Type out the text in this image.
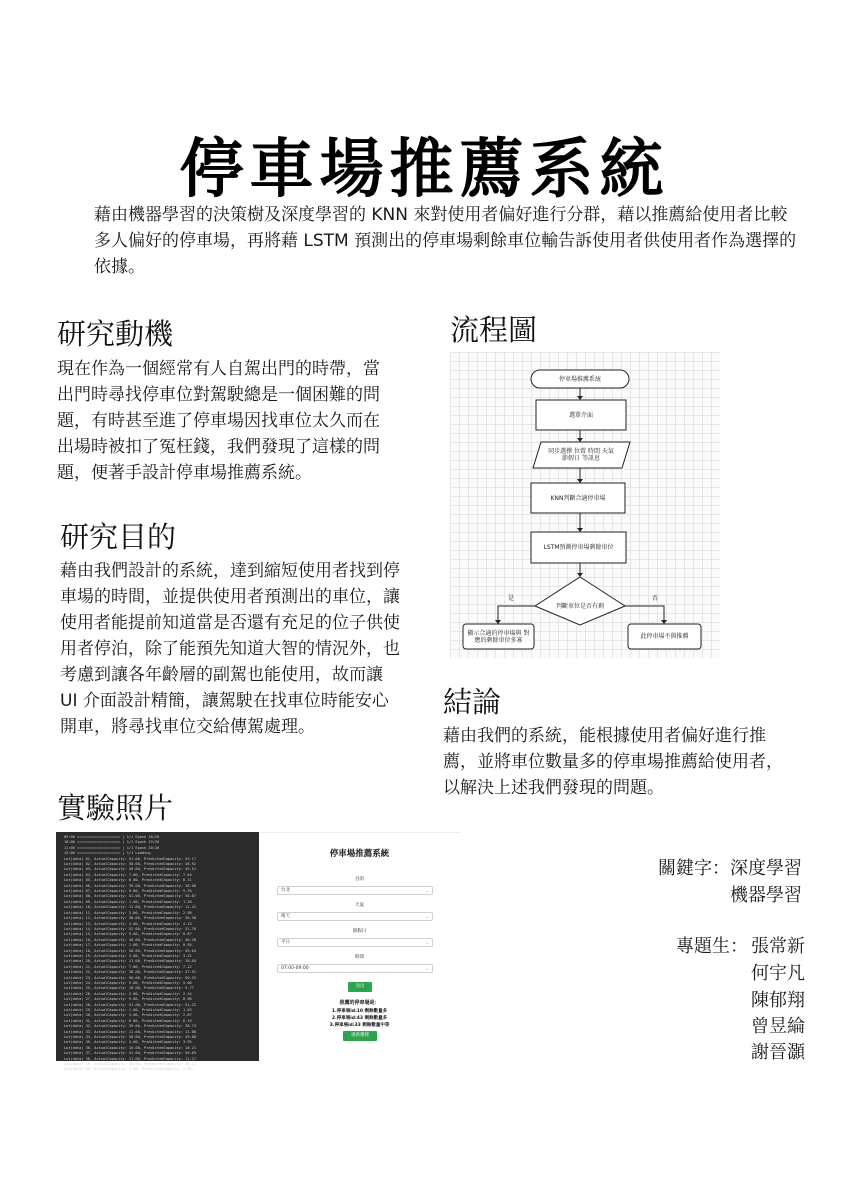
停車場推薦系統
藉由機器學習的決策樹及深度學習的 KNN 來對使用者偏好進行分群，藉以推薦給使用者比較多人偏好的停車場，再將藉 LSTM 預測出的停車場剩餘車位輸告訴使用者供使用者作為選擇的依據。
研究動機
現在作為一個經常有人自駕出門的時帶，當出門時尋找停車位對駕駛總是一個困難的問題，有時甚至進了停車場因找車位太久而在出場時被扣了冤枉錢，我們發現了這樣的問題，便著手設計停車場推薦系統。
研究目的
藉由我們設計的系統，達到縮短使用者找到停車場的時間，並提供使用者預測出的車位，讓使用者能提前知道當是否還有充足的位子供使用者停泊，除了能預先知道大智的情況外，也考慮到讓各年齡層的副駕也能使用，故而讓 UI 介面設計精簡，讓駕駛在找車位時能安心開車，將尋找車位交給傳駕處理。
實驗照片
流程圖
停車場推薦系統
選單介面
同步選擇 位置 時間 天氣 節假日 等訊息
KNN判斷合適停車場
LSTM預測停車場剩餘車位
判斷車位是否有剩
是	否
顯示合適的停車場與 對應的剩餘車位多寡	此停車場不與推薦
結論
藉由我們的系統，能根據使用者偏好進行推薦，並將車位數量多的停車場推薦給使用者，以解決上述我們發現的問題。
09:00 ==================== | 1/1 Epoch 18/20
10:00 ==================== | 1/1 Epoch 19/20
11:00 ==================== | 1/1 Epoch 20/20
12:00 ==================== | 1/1 Loading
Lot(data) 01, ActualCapacity: 51.00, PredictedCapacity: 53.17
Lot(data) 02, ActualCapacity: 50.00, PredictedCapacity: 48.92
Lot(data) 03, ActualCapacity: 50.00, PredictedCapacity: 49.51
Lot(data) 04, ActualCapacity: 7.00, PredictedCapacity: 7.04
Lot(data) 05, ActualCapacity: 6.00, PredictedCapacity: 6.11
Lot(data) 06, ActualCapacity: 39.00, PredictedCapacity: 38.66
Lot(data) 07, ActualCapacity: 9.00, PredictedCapacity: 9.35
Lot(data) 08, ActualCapacity: 51.00, PredictedCapacity: 50.87
Lot(data) 09, ActualCapacity: 1.00, PredictedCapacity: 1.20
Lot(data) 10, ActualCapacity: 11.00, PredictedCapacity: 11.42
Lot(data) 11, ActualCapacity: 3.00, PredictedCapacity: 2.98
Lot(data) 12, ActualCapacity: 38.00, PredictedCapacity: 38.30
Lot(data) 13, ActualCapacity: 4.00, PredictedCapacity: 4.13
Lot(data) 14, ActualCapacity: 52.00, PredictedCapacity: 51.76
Lot(data) 15, ActualCapacity: 9.00, PredictedCapacity: 8.87
Lot(data) 16, ActualCapacity: 40.00, PredictedCapacity: 40.28
Lot(data) 17, ActualCapacity: 1.00, PredictedCapacity: 0.95
Lot(data) 18, ActualCapacity: 50.00, PredictedCapacity: 49.64
Lot(data) 19, ActualCapacity: 3.00, PredictedCapacity: 3.21
Lot(data) 20, ActualCapacity: 11.00, PredictedCapacity: 10.84
Lot(data) 21, ActualCapacity: 7.00, PredictedCapacity: 7.12
Lot(data) 22, ActualCapacity: 38.00, PredictedCapacity: 37.91
Lot(data) 23, ActualCapacity: 50.00, PredictedCapacity: 50.33
Lot(data) 24, ActualCapacity: 5.00, PredictedCapacity: 5.08
Lot(data) 25, ActualCapacity: 10.00, PredictedCapacity: 9.77
Lot(data) 26, ActualCapacity: 2.00, PredictedCapacity: 2.14
Lot(data) 27, ActualCapacity: 9.00, PredictedCapacity: 8.96
Lot(data) 28, ActualCapacity: 51.00, PredictedCapacity: 51.22
Lot(data) 29, ActualCapacity: 1.00, PredictedCapacity: 1.03
Lot(data) 30, ActualCapacity: 3.00, PredictedCapacity: 2.87
Lot(data) 31, ActualCapacity: 6.00, PredictedCapacity: 6.19
Lot(data) 32, ActualCapacity: 39.00, PredictedCapacity: 38.74
Lot(data) 33, ActualCapacity: 11.00, PredictedCapacity: 11.08
Lot(data) 34, ActualCapacity: 50.00, PredictedCapacity: 49.88
Lot(data) 35, ActualCapacity: 4.00, PredictedCapacity: 3.95
Lot(data) 36, ActualCapacity: 10.00, PredictedCapacity: 10.21
Lot(data) 37, ActualCapacity: 51.00, PredictedCapacity: 50.69
Lot(data) 38, ActualCapacity: 11.00, PredictedCapacity: 11.27
Lot(data) 39, ActualCapacity: 38.00, PredictedCapacity: 38.17
Lot(data) 40, ActualCapacity: 2.00, PredictedCapacity: 2.05
停車場推薦系統
目的
台北	⌄
天氣
晴天	⌄
節假日
平日	⌄
時間
07:00-09:00	⌄
送出
推薦的停車場是：
1.停車場id:10 剩餘數量多
2.停車場id:43 剩餘數量多
3.停車場id:33 剩餘數量中等
重新選擇
關鍵字： 深度學習
機器學習
專題生： 張常新
何宇凡
陳郁翔
曾昱綸
謝晉灝
